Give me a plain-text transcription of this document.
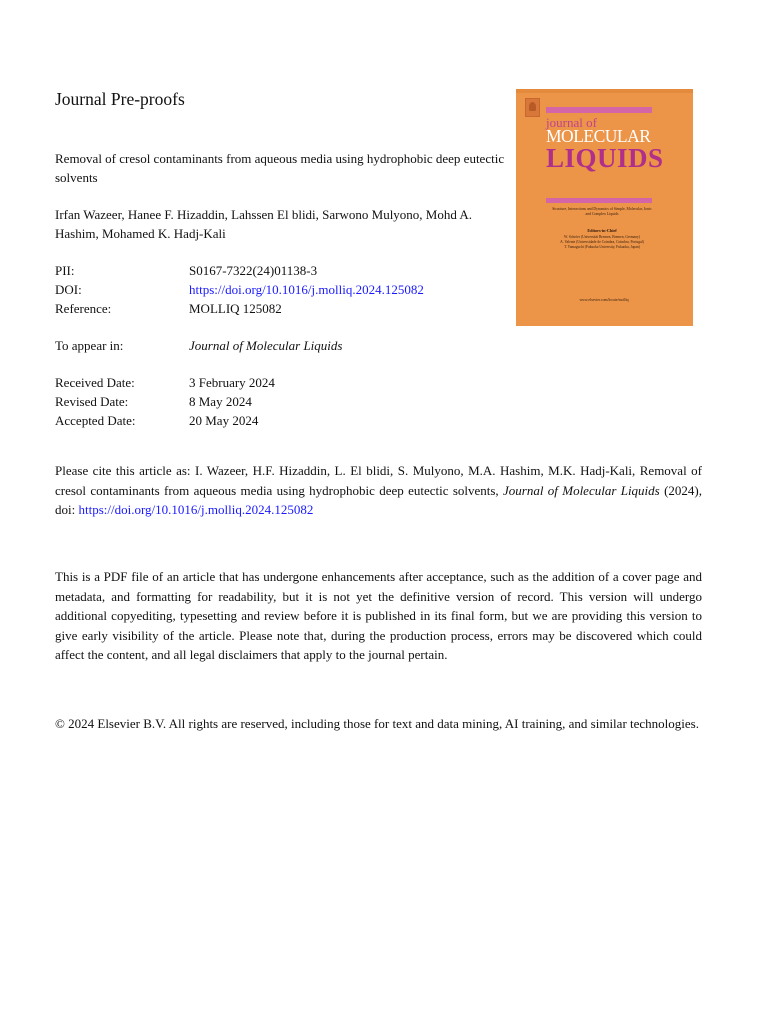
Journal Pre-proofs
Removal of cresol contaminants from aqueous media using hydrophobic deep eutectic solvents
Irfan Wazeer, Hanee F. Hizaddin, Lahssen El blidi, Sarwono Mulyono, Mohd A. Hashim, Mohamed K. Hadj-Kali
PII:	S0167-7322(24)01138-3
DOI:	https://doi.org/10.1016/j.molliq.2024.125082
Reference:	MOLLIQ 125082
To appear in:	Journal of Molecular Liquids
Received Date:	3 February 2024
Revised Date:	8 May 2024
Accepted Date:	20 May 2024
Please cite this article as: I. Wazeer, H.F. Hizaddin, L. El blidi, S. Mulyono, M.A. Hashim, M.K. Hadj-Kali, Removal of cresol contaminants from aqueous media using hydrophobic deep eutectic solvents, Journal of Molecular Liquids (2024), doi: https://doi.org/10.1016/j.molliq.2024.125082
This is a PDF file of an article that has undergone enhancements after acceptance, such as the addition of a cover page and metadata, and formatting for readability, but it is not yet the definitive version of record. This version will undergo additional copyediting, typesetting and review before it is published in its final form, but we are providing this version to give early visibility of the article. Please note that, during the production process, errors may be discovered which could affect the content, and all legal disclaimers that apply to the journal pertain.
© 2024 Elsevier B.V. All rights are reserved, including those for text and data mining, AI training, and similar technologies.
journal of
MOLECULAR
LIQUIDS
Structure, Interactions and Dynamics of Simple, Molecular, Ionic and Complex Liquids
Editors-in-Chief
W. Schröer (Universität Bremen, Bremen, Germany)
A. Valente (Universidade de Coimbra, Coimbra, Portugal)
T. Yamaguchi (Fukuoka University, Fukuoka, Japan)
www.elsevier.com/locate/molliq
